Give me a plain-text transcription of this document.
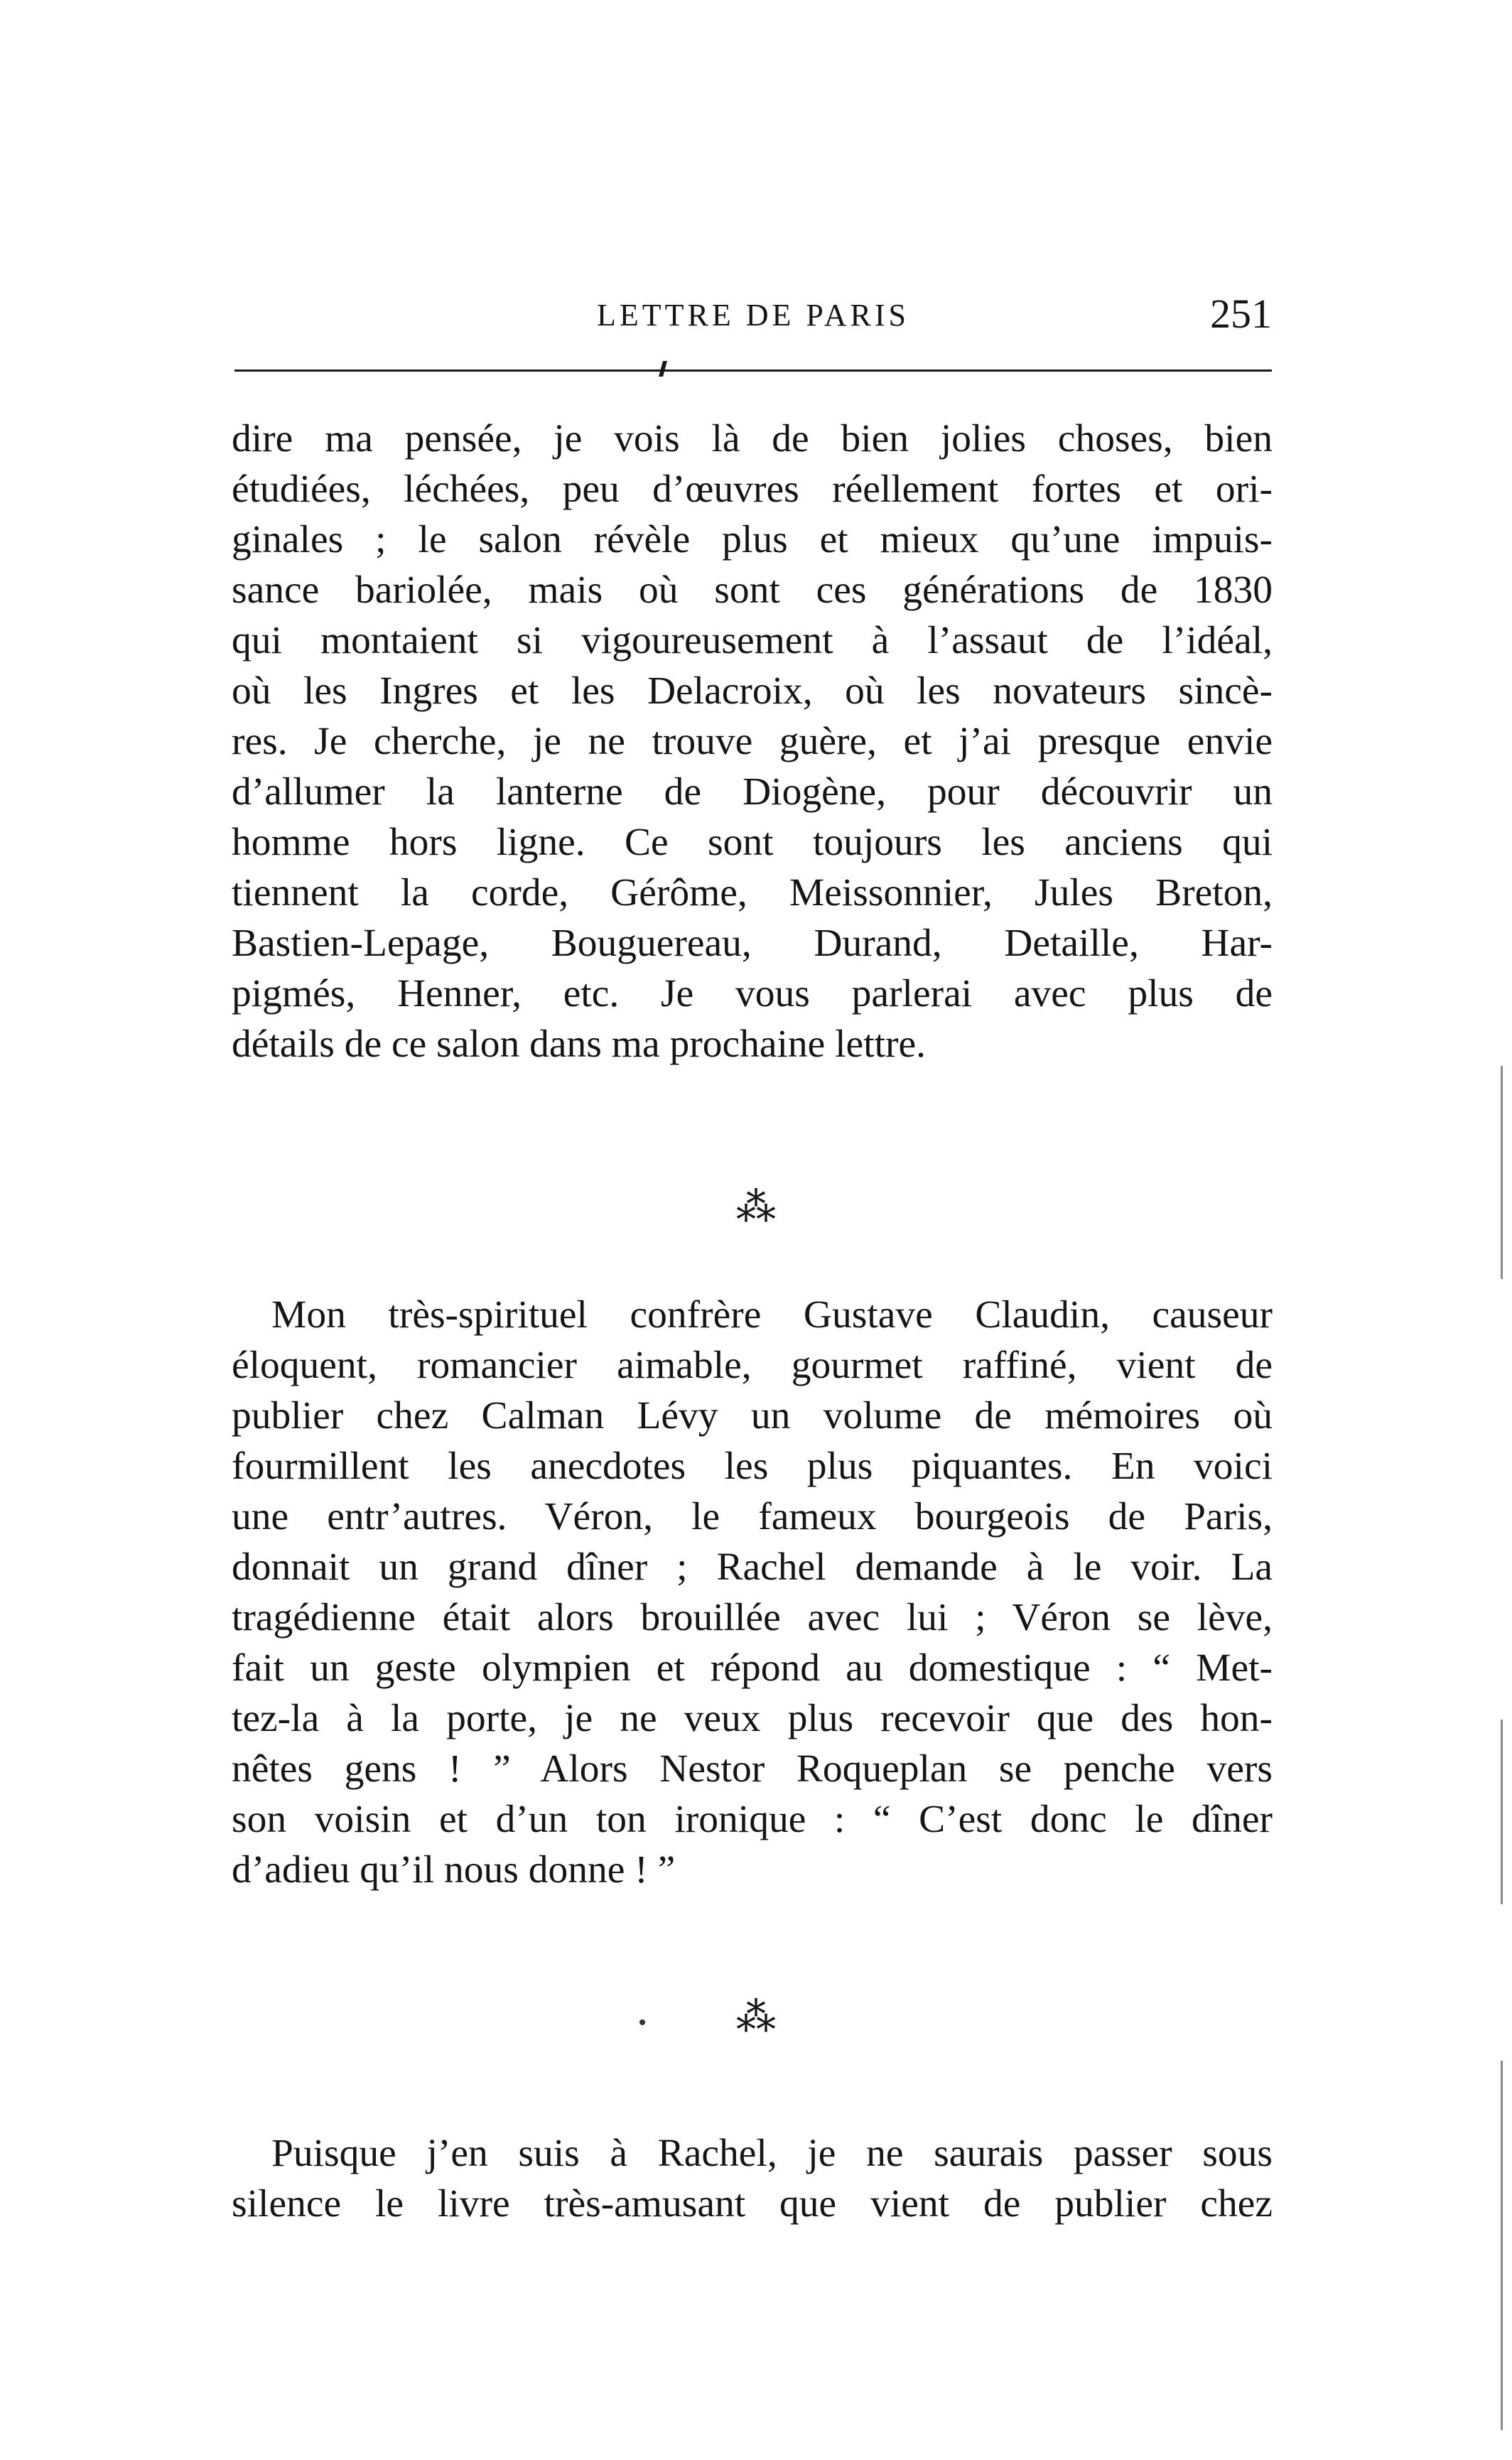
LETTRE DE PARIS	251
dire ma pensée, je vois là de bien jolies choses, bien
étudiées, léchées, peu d’œuvres réellement fortes et ori-
ginales ; le salon révèle plus et mieux qu’une impuis-
sance bariolée, mais où sont ces générations de 1830
qui montaient si vigoureusement à l’assaut de l’idéal,
où les Ingres et les Delacroix, où les novateurs sincè-
res. Je cherche, je ne trouve guère, et j’ai presque envie
d’allumer la lanterne de Diogène, pour découvrir un
homme hors ligne. Ce sont toujours les anciens qui
tiennent la corde, Gérôme, Meissonnier, Jules Breton,
Bastien-Lepage, Bouguereau, Durand, Detaille, Har-
pigmés, Henner, etc. Je vous parlerai avec plus de
détails de ce salon dans ma prochaine lettre.
⁂
Mon très-spirituel confrère Gustave Claudin, causeur
éloquent, romancier aimable, gourmet raffiné, vient de
publier chez Calman Lévy un volume de mémoires où
fourmillent les anecdotes les plus piquantes. En voici
une entr’autres. Véron, le fameux bourgeois de Paris,
donnait un grand dîner ; Rachel demande à le voir. La
tragédienne était alors brouillée avec lui ; Véron se lève,
fait un geste olympien et répond au domestique : “ Met-
tez-la à la porte, je ne veux plus recevoir que des hon-
nêtes gens ! ” Alors Nestor Roqueplan se penche vers
son voisin et d’un ton ironique : “ C’est donc le dîner
d’adieu qu’il nous donne ! ”
⁂
Puisque j’en suis à Rachel, je ne saurais passer sous
silence le livre très-amusant que vient de publier chez
